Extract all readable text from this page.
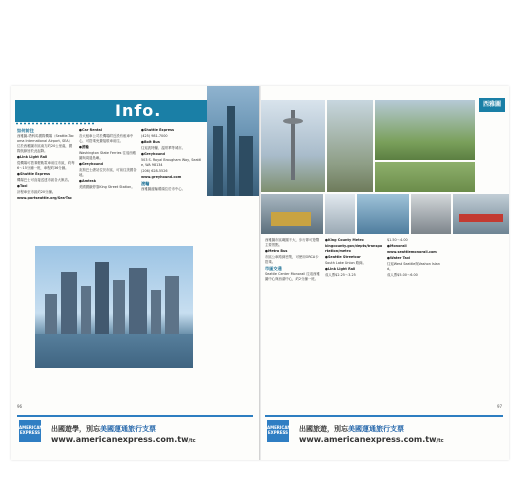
Info.

如何前往

西雅圖-塔科馬國際機場（Seattle-Tacoma International Airport, SEA）位於西雅圖市區南方約20公里處，國際航線皆於此起降。

●Link Light Rail

從機場可搭乘輕軌電車前往市區，約每6～15分鐘一班，車程約36分鐘。

●Shuttle Express

機場巴士可直接送達市區各大飯店。

●Taxi

計程車至市區約20分鐘。

www.portseattle.org/Sea-Tac

●Car Rental

各大租車公司於機場附近設有租車中心，可搭乘免費接駁車前往。

●渡輪

Washington State Ferries 往返西雅圖與周邊島嶼。

●Greyhound

灰狗巴士總站位於市區，可前往美國各地。

●Amtrak

美國國鐵停靠King Street Station。

●Shuttle Express

(425) 981-7000

●Bolt Bus

往返波特蘭、溫哥華等城市。

●Greyhound

503 S. Royal Brougham Way, Seattle, WA 98134

(206) 628-5526

www.greyhound.com

渡輪

西雅圖渡輪碼頭位於市中心。

96
AMERICAN EXPRESS 出國遊學，別忘美國運通旅行支票
www.americanexpress.com.tw/tc
西雅圖

西雅圖市區範圍不大，步行即可遊覽主要景點。

●Metro Bus

市區公車路線密集，可使用ORCA卡搭乘。

市區交通

Seattle Center Monorail 往返西雅圖中心與西湖中心，約2分鐘一班。

●King County Metro

kingcounty.gov/depts/transportation/metro

●Seattle Streetcar

South Lake Union 路線。

●Link Light Rail

成人票$2.25～3.25

$1.50～4.00

●Monorail

www.seattlemonorail.com

●Water Taxi

往返West Seattle與Vashon Island。

成人票$5.00～6.00

97
AMERICAN EXPRESS 出國旅遊，別忘美國運通旅行支票
www.americanexpress.com.tw/tc
